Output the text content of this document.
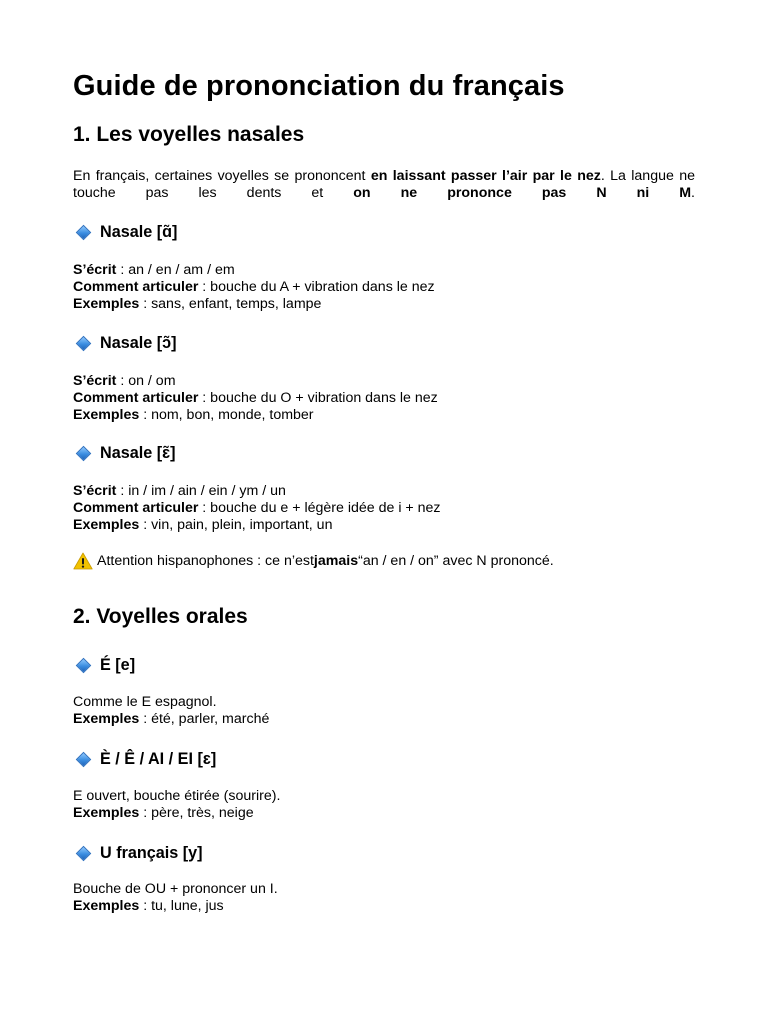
Guide de prononciation du français
1. Les voyelles nasales

En français, certaines voyelles se prononcent en laissant passer l’air par le nez. La langue ne touche pas les dents et on ne prononce pas N ni M.

Nasale [ɑ̃]
S’écrit : an / en / am / em
Comment articuler : bouche du A + vibration dans le nez
Exemples : sans, enfant, temps, lampe
Nasale [ɔ̃]
S’écrit : on / om
Comment articuler : bouche du O + vibration dans le nez
Exemples : nom, bon, monde, tomber
Nasale [ɛ̃]
S’écrit : in / im / ain / ein / ym / un
Comment articuler : bouche du e + légère idée de i + nez
Exemples : vin, pain, plein, important, un
Attention hispanophones : ce n’est jamais “an / en / on” avec N prononcé.
2. Voyelles orales
É [e]
Comme le E espagnol.
Exemples : été, parler, marché
È / Ê / AI / EI [ɛ]
E ouvert, bouche étirée (sourire).
Exemples : père, très, neige
U français [y]
Bouche de OU + prononcer un I.
Exemples : tu, lune, jus
